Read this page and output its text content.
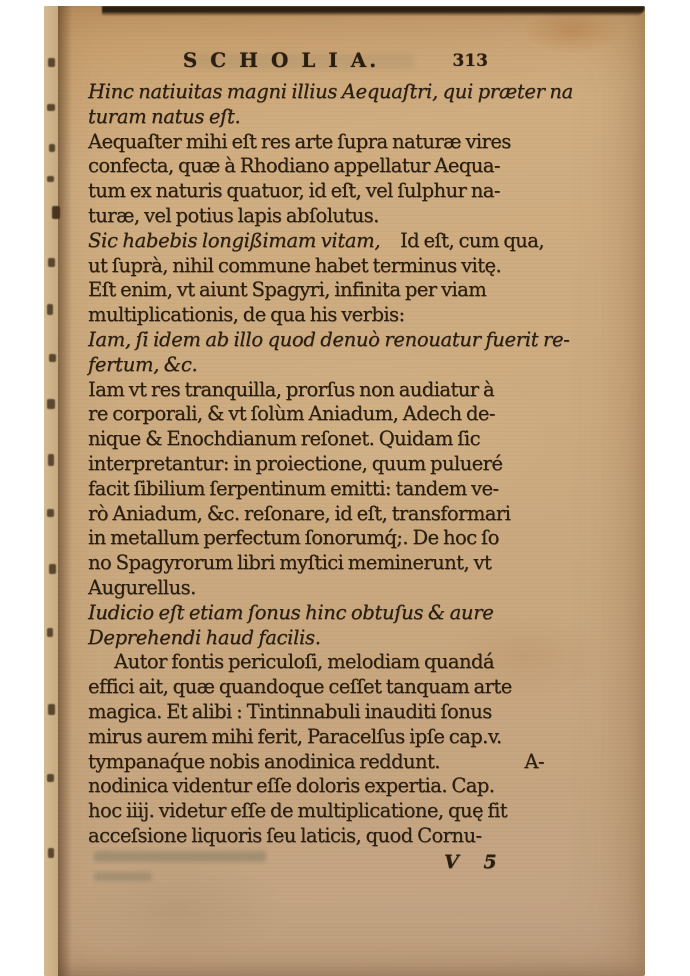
S C H O L I A.	313
Hinc natiuitas magni illius Aequaſtri, qui præter na
turam natus eſt.
Aequaſter mihi eſt res arte ſupra naturæ vires
confecta, quæ à Rhodiano appellatur Aequa-
tum ex naturis quatuor, id eſt, vel ſulphur na-
turæ, vel potius lapis abſolutus.
Sic habebis longißimam vitam, Id eſt, cum qua,
ut ſuprà, nihil commune habet terminus vitę.
Eſt enim, vt aiunt Spagyri, infinita per viam
multiplicationis, de qua his verbis:
Iam, ſi idem ab illo quod denuò renouatur fuerit re-
fertum, &c.
Iam vt res tranquilla, prorſus non audiatur à
re corporali, & vt ſolùm Aniadum, Adech de-
nique & Enochdianum reſonet. Quidam ſic
interpretantur: in proiectione, quum pulueré
facit ſibilium ſerpentinum emitti: tandem ve-
rò Aniadum, &c. reſonare, id eſt, transformari
in metallum perfectum ſonorumq́;. De hoc ſo
no Spagyrorum libri myſtici meminerunt, vt
Augurellus.
Iudicio eſt etiam ſonus hinc obtuſus & aure
Deprehendi haud facilis.
Autor fontis periculoſi, melodiam quandá
effici ait, quæ quandoque ceſſet tanquam arte
magica. Et alibi : Tintinnabuli inauditi ſonus
mirus aurem mihi ferit, Paracelſus ipſe cap.v.
tympanaq́ue nobis anodinica reddunt.	A-
nodinica videntur eſſe doloris expertia. Cap.
hoc iiij. videtur eſſe de multiplicatione, quę fit
acceſsione liquoris ſeu laticis, quod Cornu-
V 5
